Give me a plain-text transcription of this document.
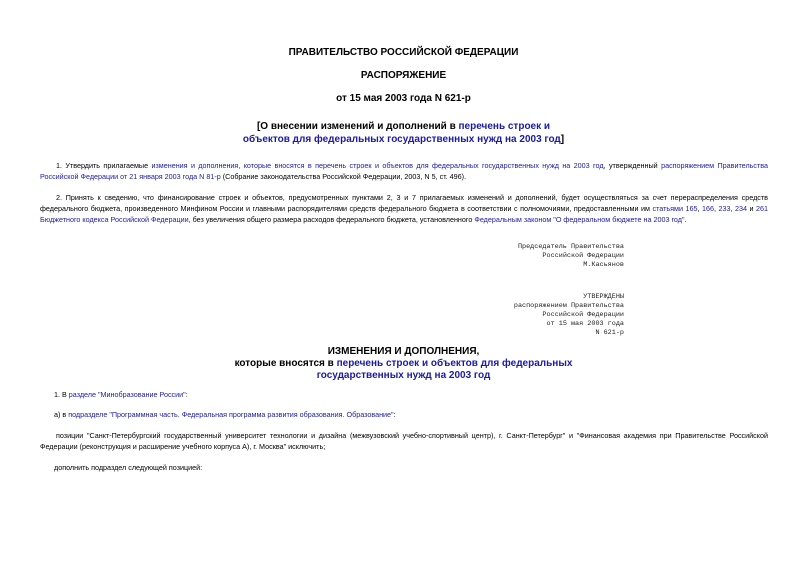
ПРАВИТЕЛЬСТВО РОССИЙСКОЙ ФЕДЕРАЦИИ
РАСПОРЯЖЕНИЕ
от 15 мая 2003 года N 621-р
[О внесении изменений и дополнений в перечень строек и
объектов для федеральных государственных нужд на 2003 год]
1. Утвердить прилагаемые изменения и дополнения, которые вносятся в перечень строек и объектов для федеральных государственных нужд на 2003 год, утвержденный распоряжением Правительства Российской Федерации от 21 января 2003 года N 81-р (Собрание законодательства Российской Федерации, 2003, N 5, ст. 496).
2. Принять к сведению, что финансирование строек и объектов, предусмотренных пунктами 2, 3 и 7 прилагаемых изменений и дополнений, будет осуществляться за счет перераспределения средств федерального бюджета, произведенного Минфином России и главными распорядителями средств федерального бюджета в соответствии с полномочиями, предоставленными им статьями 165, 166, 233, 234 и 261 Бюджетного кодекса Российской Федерации, без увеличения общего размера расходов федерального бюджета, установленного Федеральным законом "О федеральном бюджете на 2003 год".
Председатель Правительства
Российской Федерации
М.Касьянов
УТВЕРЖДЕНЫ
распоряжением Правительства
Российской Федерации
от 15 мая 2003 года
N 621-р
ИЗМЕНЕНИЯ И ДОПОЛНЕНИЯ,
которые вносятся в перечень строек и объектов для федеральных
государственных нужд на 2003 год
1. В разделе "Минобразование России":
а) в подразделе "Программная часть. Федеральная программа развития образования. Образование":
позиции "Санкт-Петербургский государственный университет технологии и дизайна (межвузовский учебно-спортивный центр), г. Санкт-Петербург" и "Финансовая академия при Правительстве Российской Федерации (реконструкция и расширение учебного корпуса А), г. Москва" исключить;
дополнить подраздел следующей позицией:
